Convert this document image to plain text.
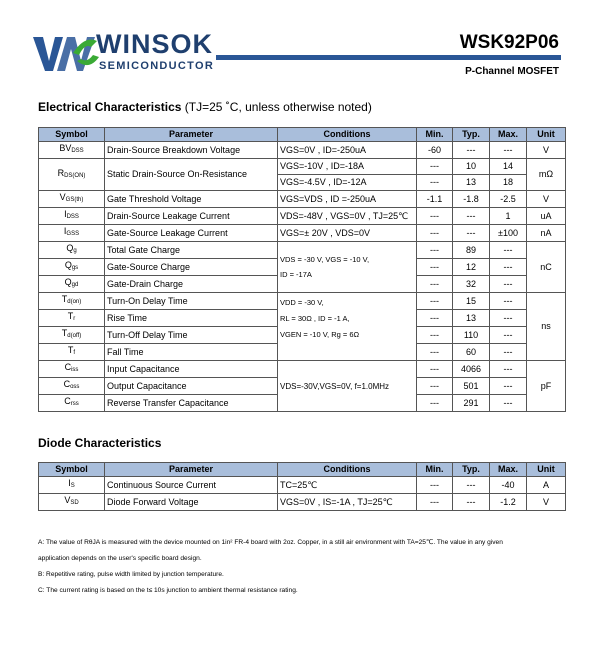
WINSOK
SEMICONDUCTOR
WSK92P06
P-Channel MOSFET
Electrical Characteristics (TJ=25 ˚C, unless otherwise noted)
Symbol	Parameter	Conditions	Min.	Typ.	Max.	Unit
BVDSS	Drain-Source Breakdown Voltage	VGS=0V , ID=-250uA	-60	---	---	V
RDS(ON)	Static Drain-Source On-Resistance	VGS=-10V , ID=-18A	---	10	14	mΩ
		VGS=-4.5V , ID=-12A	---	13	18	
VGS(th)	Gate Threshold Voltage	VGS=VDS , ID =-250uA	-1.1	-1.8	-2.5	V
IDSS	Drain-Source Leakage Current	VDS=-48V , VGS=0V , TJ=25℃	---	---	1	uA
IGSS	Gate-Source Leakage Current	VGS=± 20V , VDS=0V	---	---	±100	nA
Qg	Total Gate Charge	VDS = -30 V, VGS = -10 V,
ID = -17A	---	89	---	nC
Qgs	Gate-Source Charge		---	12	---	
Qgd	Gate-Drain Charge		---	32	---	
Td(on)	Turn-On Delay Time	VDD = -30 V,
RL = 30Ω , ID = -1 A,
VGEN = -10 V, Rg = 6Ω	---	15	---	ns
Tr	Rise Time		---	13	---	
Td(off)	Turn-Off Delay Time		---	110	---	
Tf	Fall Time		---	60	---	
Ciss	Input Capacitance	VDS=-30V,VGS=0V, f=1.0MHz	---	4066	---	pF
Coss	Output Capacitance		---	501	---	
Crss	Reverse Transfer Capacitance		---	291	---	
Diode Characteristics
Symbol	Parameter	Conditions	Min.	Typ.	Max.	Unit
IS	Continuous Source Current	TC=25℃	---	---	-40	A
VSD	Diode Forward Voltage	VGS=0V , IS=-1A , TJ=25℃	---	---	-1.2	V
A: The value of RθJA is measured with the device mounted on 1in² FR-4 board with 2oz. Copper, in a still air environment with TA=25℃. The value in any given
application depends on the user's specific board design.
B: Repetitive rating, pulse width limited by junction temperature.
C: The current rating is based on the t≤ 10s junction to ambient thermal resistance rating.
